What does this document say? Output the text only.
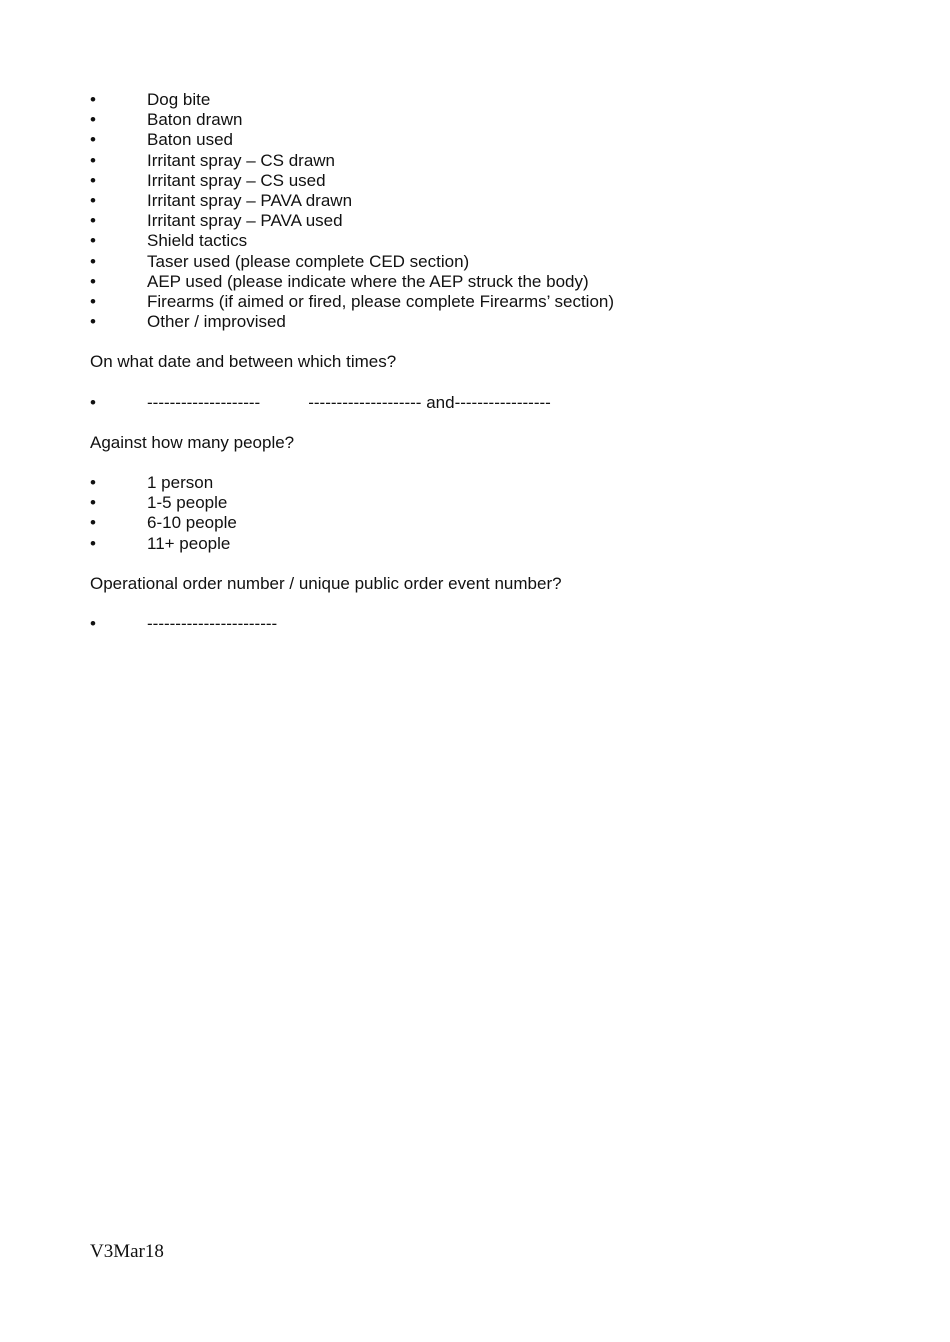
•	Dog bite
•	Baton drawn
•	Baton used
•	Irritant spray – CS drawn
•	Irritant spray – CS used
•	Irritant spray – PAVA drawn
•	Irritant spray – PAVA used
•	Shield tactics
•	Taser used (please complete CED section)
•	AEP used (please indicate where the AEP struck the body)
•	Firearms (if aimed or fired, please complete Firearms’ section)
•	Other / improvised

On what date and between which times?

•	--------------------	-------------------- and -----------------

Against how many people?

•	1 person
•	1-5 people
•	6-10 people
•	11+ people

Operational order number / unique public order event number?

•	-----------------------
V3Mar18
